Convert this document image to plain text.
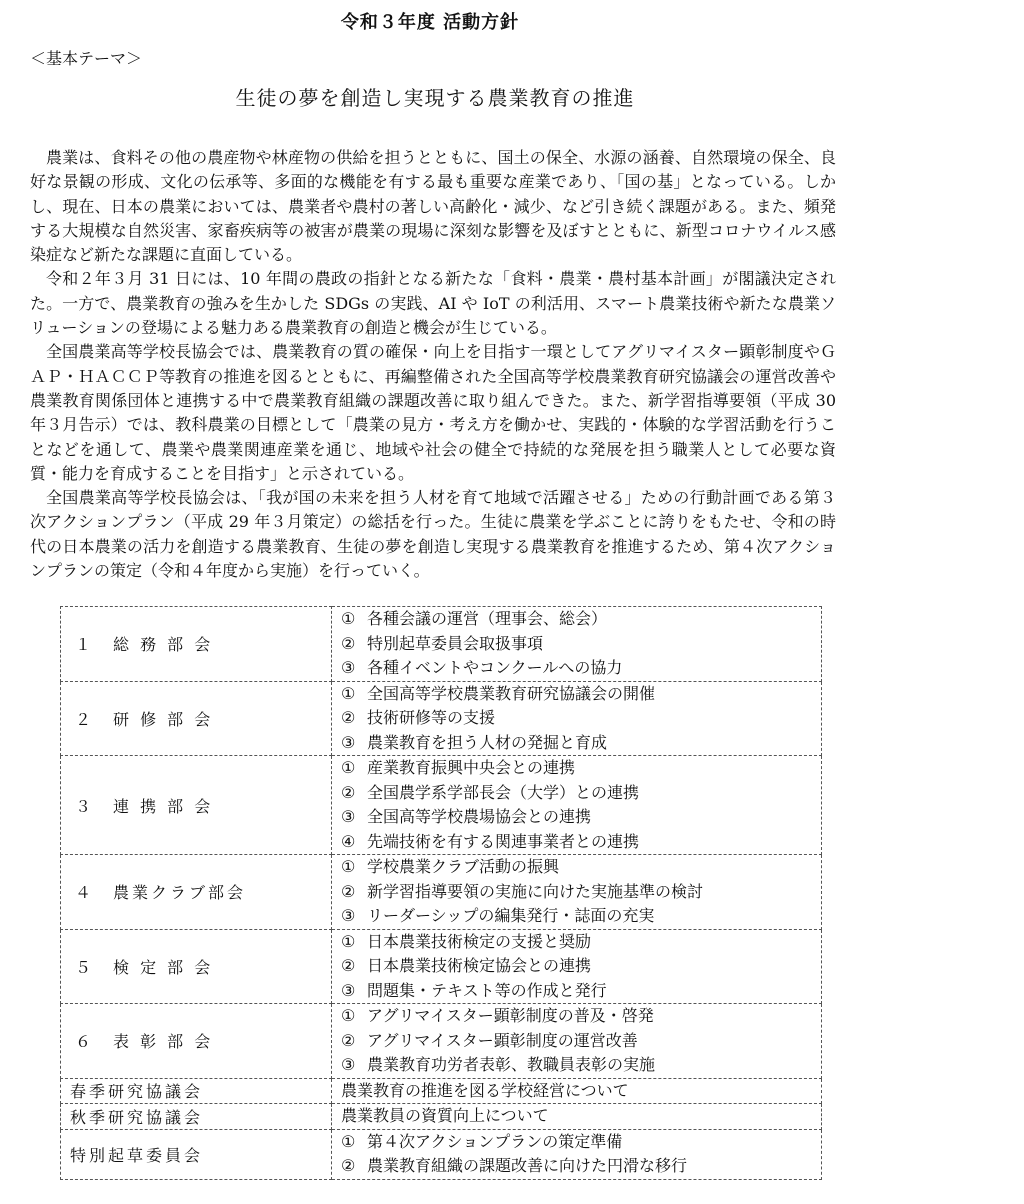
令和３年度 活動方針
＜基本テーマ＞
生徒の夢を創造し実現する農業教育の推進

農業は、食料その他の農産物や林産物の供給を担うとともに、国土の保全、水源の涵養、自然環境の保全、良好な景観の形成、文化の伝承等、多面的な機能を有する最も重要な産業であり、「国の基」となっている。しかし、現在、日本の農業においては、農業者や農村の著しい高齢化・減少、など引き続く課題がある。また、頻発する大規模な自然災害、家畜疾病等の被害が農業の現場に深刻な影響を及ぼすとともに、新型コロナウイルス感染症など新たな課題に直面している。

令和２年３月 31 日には、10 年間の農政の指針となる新たな「食料・農業・農村基本計画」が閣議決定された。一方で、農業教育の強みを生かした SDGs の実践、AI や IoT の利活用、スマート農業技術や新たな農業ソリューションの登場による魅力ある農業教育の創造と機会が生じている。

全国農業高等学校長協会では、農業教育の質の確保・向上を目指す一環としてアグリマイスター顕彰制度やＧＡＰ・ＨＡＣＣＰ等教育の推進を図るとともに、再編整備された全国高等学校農業教育研究協議会の運営改善や農業教育関係団体と連携する中で農業教育組織の課題改善に取り組んできた。また、新学習指導要領（平成 30 年３月告示）では、教科農業の目標として「農業の見方・考え方を働かせ、実践的・体験的な学習活動を行うことなどを通して、農業や農業関連産業を通じ、地域や社会の健全で持続的な発展を担う職業人として必要な資質・能力を育成することを目指す」と示されている。

全国農業高等学校長協会は、「我が国の未来を担う人材を育て地域で活躍させる」ための行動計画である第３次アクションプラン（平成 29 年３月策定）の総括を行った。生徒に農業を学ぶことに誇りをもたせ、令和の時代の日本農業の活力を創造する農業教育、生徒の夢を創造し実現する農業教育を推進するため、第４次アクションプランの策定（令和４年度から実施）を行っていく。

１　総 務 部 会	① 各種会議の運営（理事会、総会）
② 特別起草委員会取扱事項
③ 各種イベントやコンクールへの協力

２　研 修 部 会	① 全国高等学校農業教育研究協議会の開催
② 技術研修等の支援
③ 農業教育を担う人材の発掘と育成

３　連 携 部 会	① 産業教育振興中央会との連携
② 全国農学系学部長会（大学）との連携
③ 全国高等学校農場協会との連携
④ 先端技術を有する関連事業者との連携

４　農業クラブ部会	① 学校農業クラブ活動の振興
② 新学習指導要領の実施に向けた実施基準の検討
③ リーダーシップの編集発行・誌面の充実

５　検 定 部 会	① 日本農業技術検定の支援と奨励
② 日本農業技術検定協会との連携
③ 問題集・テキスト等の作成と発行

６　表 彰 部 会	① アグリマイスター顕彰制度の普及・啓発
② アグリマイスター顕彰制度の運営改善
③ 農業教育功労者表彰、教職員表彰の実施

春季研究協議会	農業教育の推進を図る学校経営について

秋季研究協議会	農業教員の資質向上について

特別起草委員会	① 第４次アクションプランの策定準備
② 農業教育組織の課題改善に向けた円滑な移行
